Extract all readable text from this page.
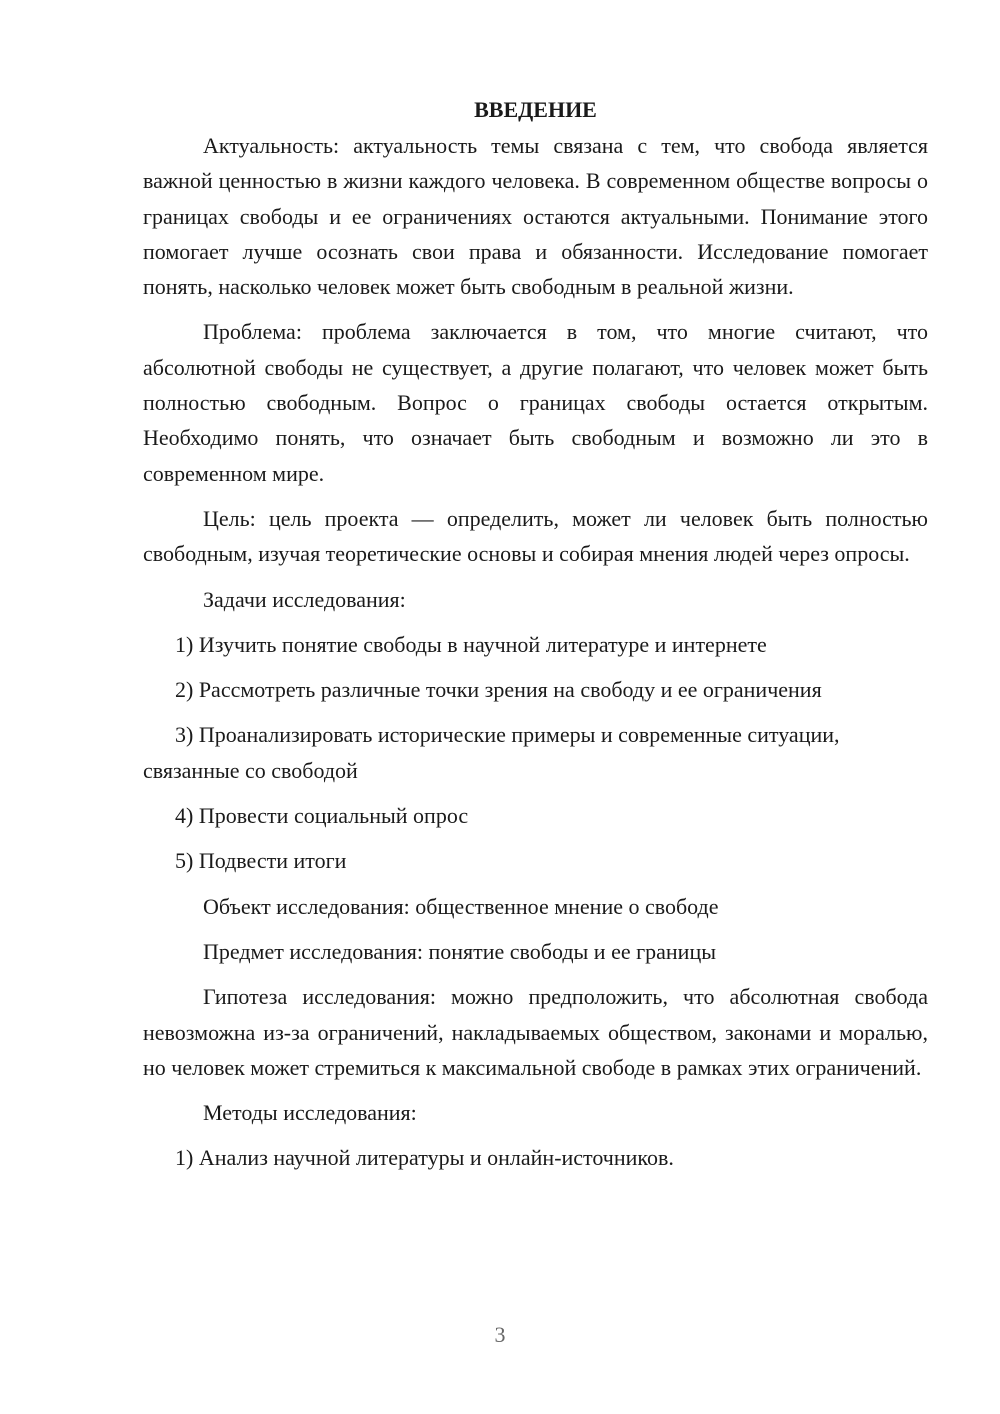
ВВЕДЕНИЕ

Актуальность: актуальность темы связана с тем, что свобода является важной ценностью в жизни каждого человека. В современном обществе вопросы о границах свободы и ее ограничениях остаются актуальными. Понимание этого помогает лучше осознать свои права и обязанности. Исследование помогает понять, насколько человек может быть свободным в реальной жизни.

Проблема: проблема заключается в том, что многие считают, что абсолютной свободы не существует, а другие полагают, что человек может быть полностью свободным. Вопрос о границах свободы остается открытым. Необходимо понять, что означает быть свободным и возможно ли это в современном мире.

Цель: цель проекта — определить, может ли человек быть полностью свободным, изучая теоретические основы и собирая мнения людей через опросы.

Задачи исследования:

1) Изучить понятие свободы в научной литературе и интернете

2) Рассмотреть различные точки зрения на свободу и ее ограничения

3) Проанализировать исторические примеры и современные ситуации, связанные со свободой

4) Провести социальный опрос

5) Подвести итоги

Объект исследования: общественное мнение о свободе

Предмет исследования: понятие свободы и ее границы

Гипотеза исследования: можно предположить, что абсолютная свобода невозможна из-за ограничений, накладываемых обществом, законами и моралью, но человек может стремиться к максимальной свободе в рамках этих ограничений.

Методы исследования:

1) Анализ научной литературы и онлайн-источников.

3
